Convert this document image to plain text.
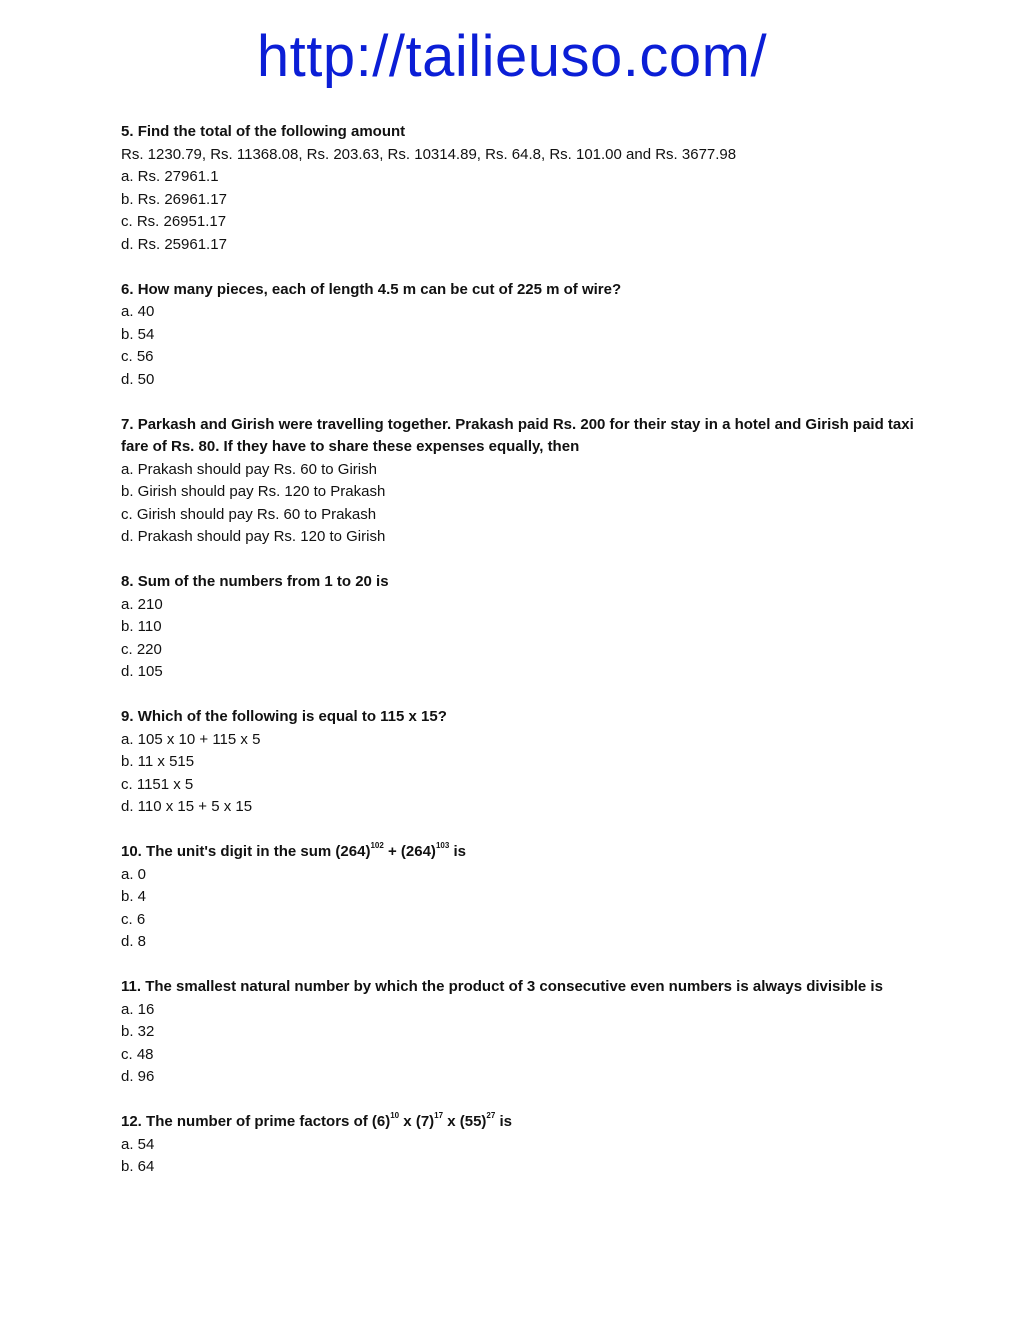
http://tailieuso.com/
5. Find the total of the following amount
Rs. 1230.79, Rs. 11368.08, Rs. 203.63, Rs. 10314.89, Rs. 64.8, Rs. 101.00 and Rs. 3677.98
a. Rs. 27961.1
b. Rs. 26961.17
c. Rs. 26951.17
d. Rs. 25961.17
6. How many pieces, each of length 4.5 m can be cut of 225 m of wire?
a. 40
b. 54
c. 56
d. 50
7. Parkash and Girish were travelling together. Prakash paid Rs. 200 for their stay in a hotel and Girish paid taxi fare of Rs. 80. If they have to share these expenses equally, then
a. Prakash should pay Rs. 60 to Girish
b. Girish should pay Rs. 120 to Prakash
c. Girish should pay Rs. 60 to Prakash
d. Prakash should pay Rs. 120 to Girish
8. Sum of the numbers from 1 to 20 is
a. 210
b. 110
c. 220
d. 105
9. Which of the following is equal to 115 x 15?
a. 105 x 10 + 115 x 5
b. 11 x 515
c. 1151 x 5
d. 110 x 15 + 5 x 15
10. The unit's digit in the sum $(264)^{102} + (264)^{103}$ is
a. 0
b. 4
c. 6
d. 8
11. The smallest natural number by which the product of 3 consecutive even numbers is always divisible is
a. 16
b. 32
c. 48
d. 96
12. The number of prime factors of $(6)^{10}$ x $(7)^{17}$ x $(55)^{27}$ is
a. 54
b. 64
